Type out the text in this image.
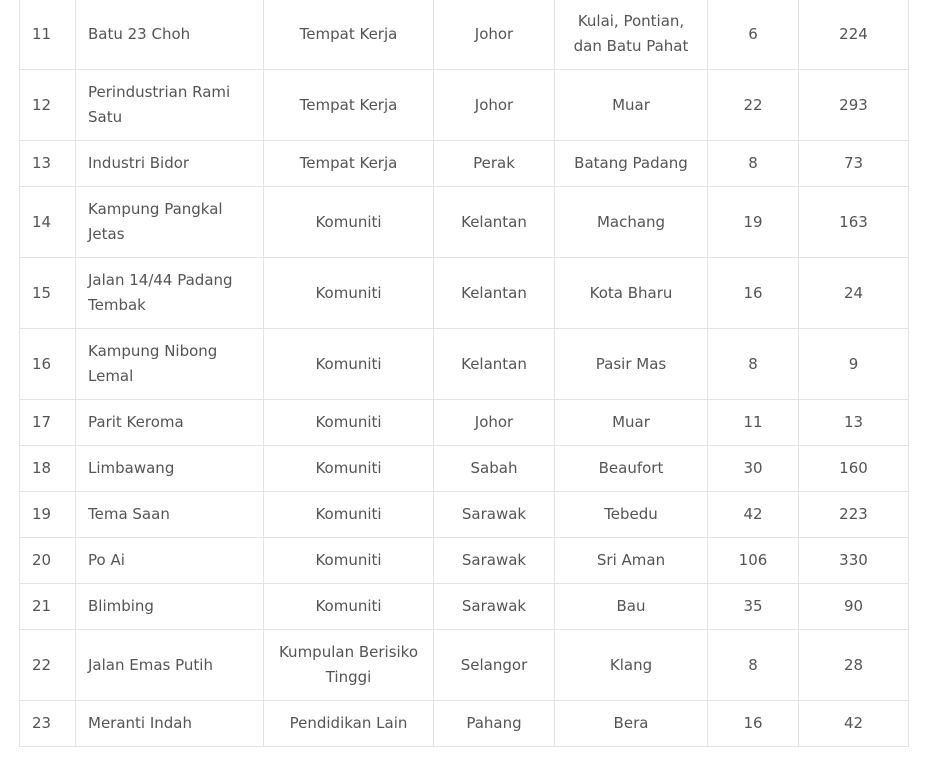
11	Batu 23 Choh	Tempat Kerja	Johor	Kulai, Pontian, dan Batu Pahat	6	224
12	Perindustrian Rami Satu	Tempat Kerja	Johor	Muar	22	293
13	Industri Bidor	Tempat Kerja	Perak	Batang Padang	8	73
14	Kampung Pangkal Jetas	Komuniti	Kelantan	Machang	19	163
15	Jalan 14/44 Padang Tembak	Komuniti	Kelantan	Kota Bharu	16	24
16	Kampung Nibong Lemal	Komuniti	Kelantan	Pasir Mas	8	9
17	Parit Keroma	Komuniti	Johor	Muar	11	13
18	Limbawang	Komuniti	Sabah	Beaufort	30	160
19	Tema Saan	Komuniti	Sarawak	Tebedu	42	223
20	Po Ai	Komuniti	Sarawak	Sri Aman	106	330
21	Blimbing	Komuniti	Sarawak	Bau	35	90
22	Jalan Emas Putih	Kumpulan Berisiko Tinggi	Selangor	Klang	8	28
23	Meranti Indah	Pendidikan Lain	Pahang	Bera	16	42
